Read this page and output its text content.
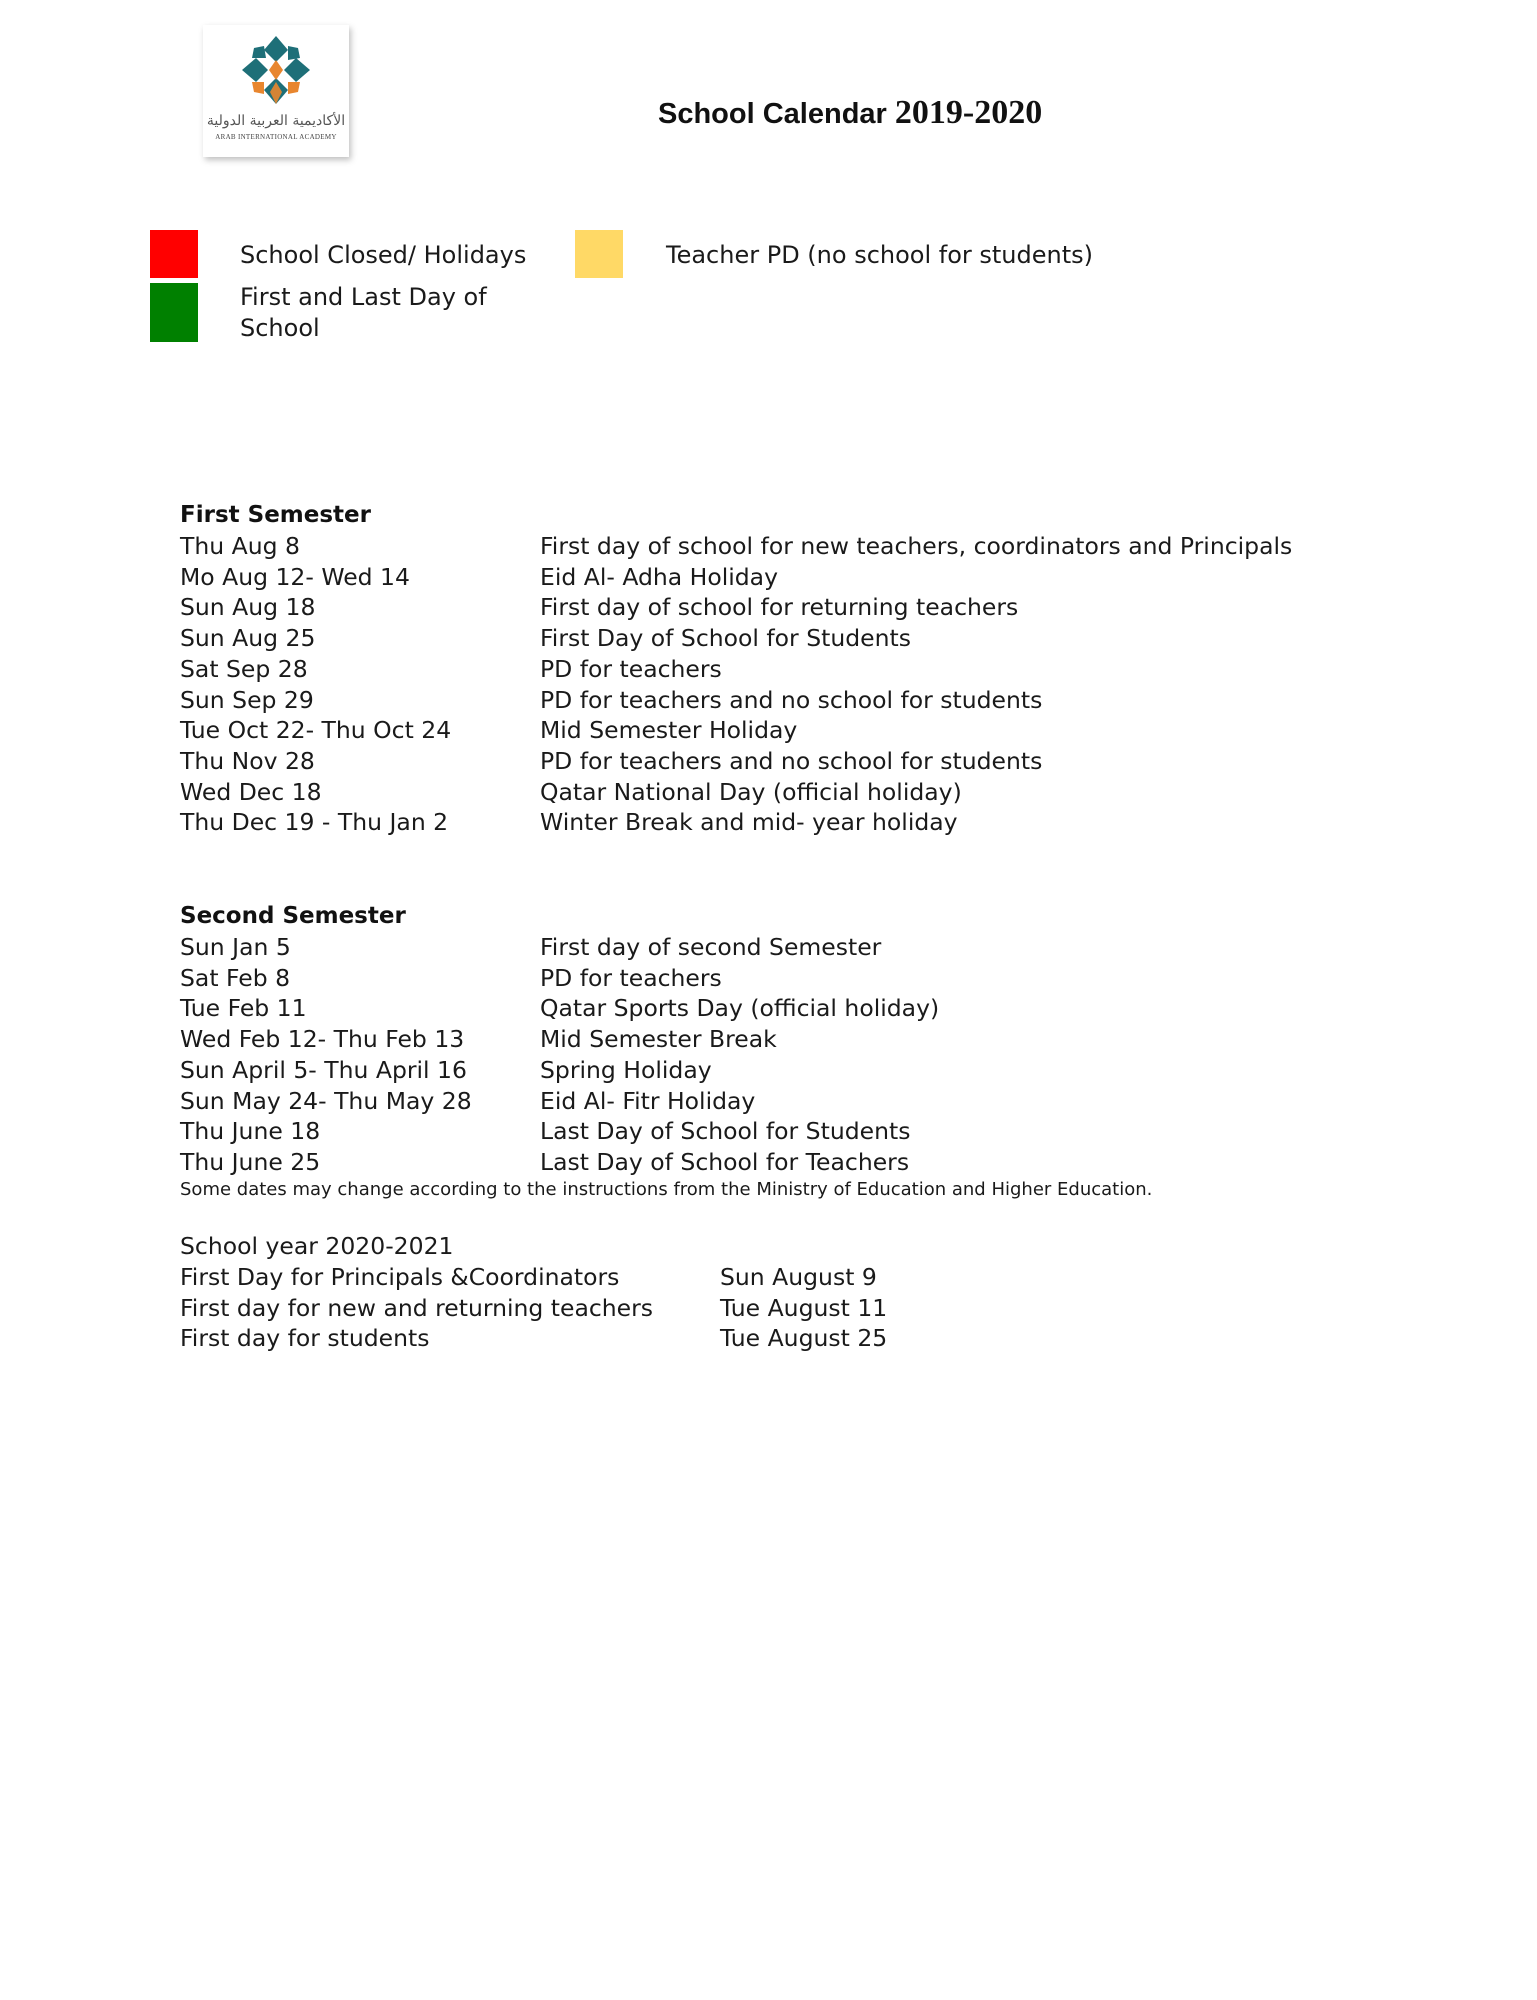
الأكاديمية العربية الدولية
ARAB INTERNATIONAL ACADEMY
School Calendar 2019-2020
School Closed/ Holidays
First and Last Day of School
Teacher PD (no school for students)
First Semester
Thu Aug 8	First day of school for new teachers, coordinators and Principals
Mo Aug 12- Wed 14	Eid Al- Adha Holiday
Sun Aug 18	First day of school for returning teachers
Sun Aug 25	First Day of School for Students
Sat Sep 28	PD for teachers
Sun Sep 29	PD for teachers and no school for students
Tue Oct 22- Thu Oct 24	Mid Semester Holiday
Thu Nov 28	PD for teachers and no school for students
Wed Dec 18	Qatar National Day (official holiday)
Thu Dec 19 - Thu Jan 2	Winter Break and mid- year holiday
Second Semester
Sun Jan 5	First day of second Semester
Sat Feb 8	PD for teachers
Tue Feb 11	Qatar Sports Day (official holiday)
Wed Feb 12- Thu Feb 13	Mid Semester Break
Sun April 5- Thu April 16	Spring Holiday
Sun May 24- Thu May 28	Eid Al- Fitr Holiday
Thu June 18	Last Day of School for Students
Thu June 25	Last Day of School for Teachers
Some dates may change according to the instructions from the Ministry of Education and Higher Education.
School year 2020-2021
First Day for Principals &Coordinators	Sun August 9
First day for new and returning teachers	Tue August 11
First day for students	Tue August 25
